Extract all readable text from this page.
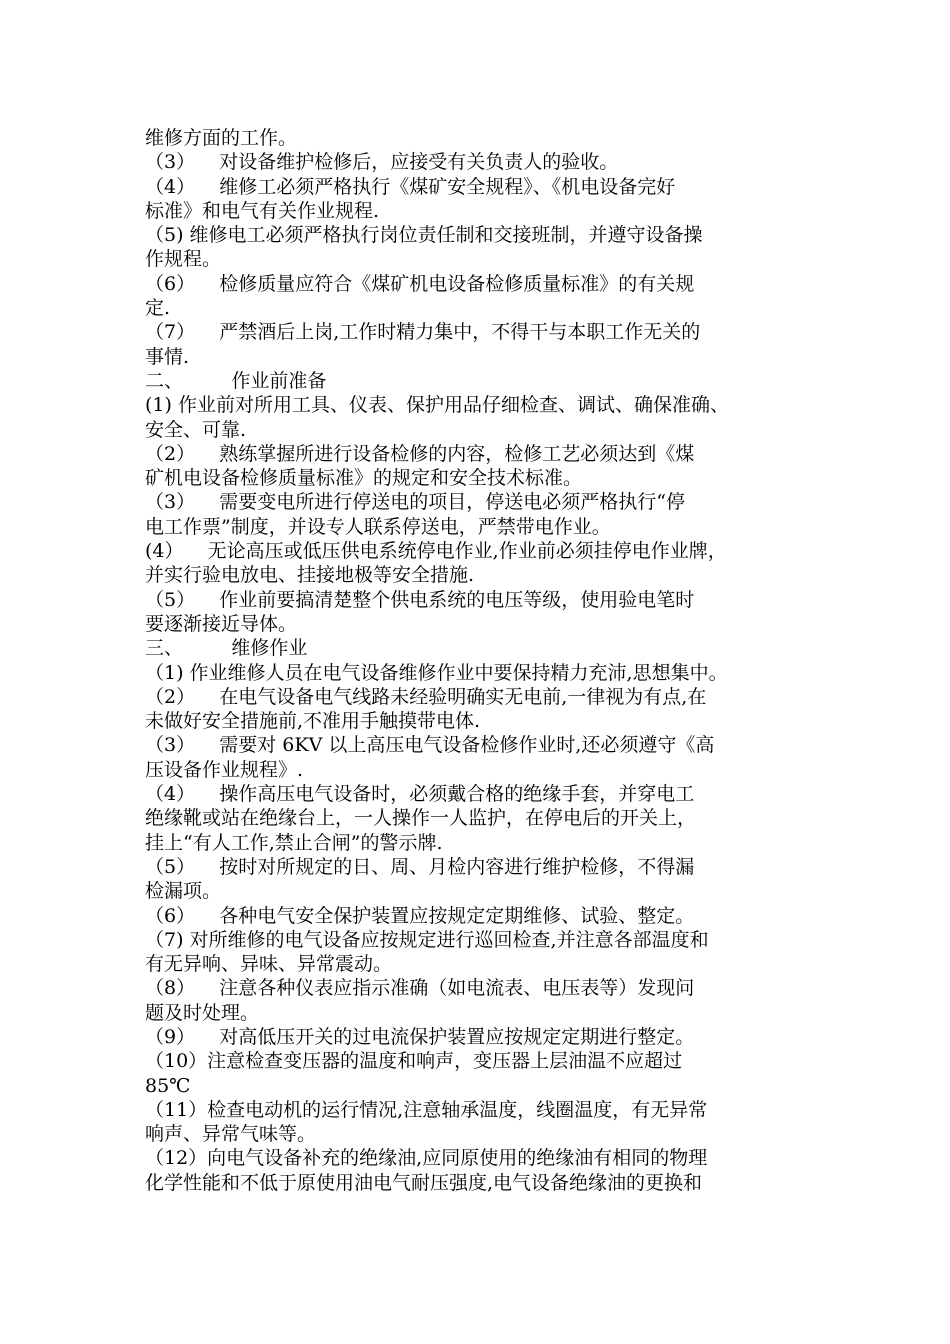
维修方面的工作。

（3）    对设备维护检修后，应接受有关负责人的验收。

（4）    维修工必须严格执行《煤矿安全规程》、《机电设备完好

标准》和电气有关作业规程.

（5) 维修电工必须严格执行岗位责任制和交接班制，并遵守设备操

作规程。

（6）    检修质量应符合《煤矿机电设备检修质量标准》的有关规

定.

（7）    严禁酒后上岗,工作时精力集中，不得干与本职工作无关的

事情.

二、        作业前准备

(1) 作业前对所用工具、仪表、保护用品仔细检查、调试、确保准确、

安全、可靠.

（2）    熟练掌握所进行设备检修的内容，检修工艺必须达到《煤

矿机电设备检修质量标准》的规定和安全技术标准。

（3）    需要变电所进行停送电的项目，停送电必须严格执行“停

电工作票”制度，并设专人联系停送电，严禁带电作业。

(4）    无论高压或低压供电系统停电作业,作业前必须挂停电作业牌，

并实行验电放电、挂接地极等安全措施.

（5）    作业前要搞清楚整个供电系统的电压等级，使用验电笔时

要逐渐接近导体。

三、        维修作业

（1) 作业维修人员在电气设备维修作业中要保持精力充沛,思想集中。

（2）    在电气设备电气线路未经验明确实无电前,一律视为有点,在

未做好安全措施前,不准用手触摸带电体.

（3）    需要对 6KV 以上高压电气设备检修作业时,还必须遵守《高

压设备作业规程》.

（4）    操作高压电气设备时，必须戴合格的绝缘手套，并穿电工

绝缘靴或站在绝缘台上，一人操作一人监护，在停电后的开关上，

挂上“有人工作,禁止合闸”的警示牌.

（5）    按时对所规定的日、周、月检内容进行维护检修，不得漏

检漏项。

（6）    各种电气安全保护装置应按规定定期维修、试验、整定。

（7) 对所维修的电气设备应按规定进行巡回检查,并注意各部温度和

有无异响、异味、异常震动。

（8）    注意各种仪表应指示准确（如电流表、电压表等）发现问

题及时处理。

（9）    对高低压开关的过电流保护装置应按规定定期进行整定。

（10）注意检查变压器的温度和响声，变压器上层油温不应超过

85℃

（11）检查电动机的运行情况,注意轴承温度，线圈温度，有无异常

响声、异常气味等。

（12）向电气设备补充的绝缘油,应同原使用的绝缘油有相同的物理

化学性能和不低于原使用油电气耐压强度,电气设备绝缘油的更换和
